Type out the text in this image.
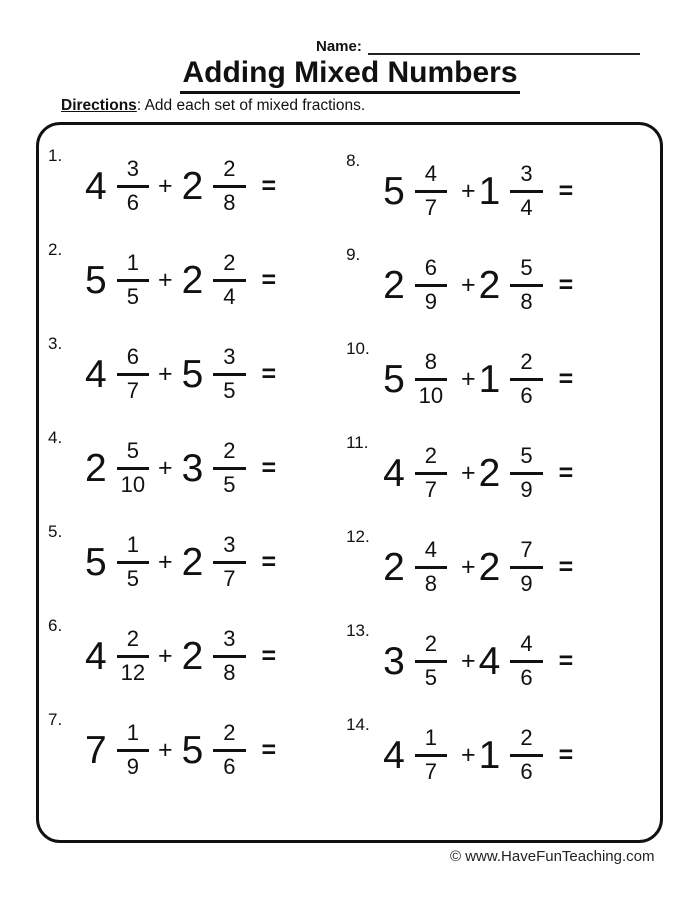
Name:
Adding Mixed Numbers

Directions: Add each set of mixed fractions.

1.
$4 \frac{3}{6} + 2 \frac{2}{8}$ =
2.
$5 \frac{1}{5} + 2 \frac{2}{4}$ =
3.
$4 \frac{6}{7} + 5 \frac{3}{5}$ =
4.
$2 \frac{5}{10} + 3 \frac{2}{5}$ =
5.
$5 \frac{1}{5} + 2 \frac{3}{7}$ =
6.
$4 \frac{2}{12} + 2 \frac{3}{8}$ =
7.
$7 \frac{1}{9} + 5 \frac{2}{6}$ =
8.
$5 \frac{4}{7} + 1 \frac{3}{4}$ =
9.
$2 \frac{6}{9} + 2 \frac{5}{8}$ =
10.
$5 \frac{8}{10} + 1 \frac{2}{6}$ =
11.
$4 \frac{2}{7} + 2 \frac{5}{9}$ =
12.
$2 \frac{4}{8} + 2 \frac{7}{9}$ =
13.
$3 \frac{2}{5} + 4 \frac{4}{6}$ =
14.
$4 \frac{1}{7} + 1 \frac{2}{6}$ =
© www.HaveFunTeaching.com
